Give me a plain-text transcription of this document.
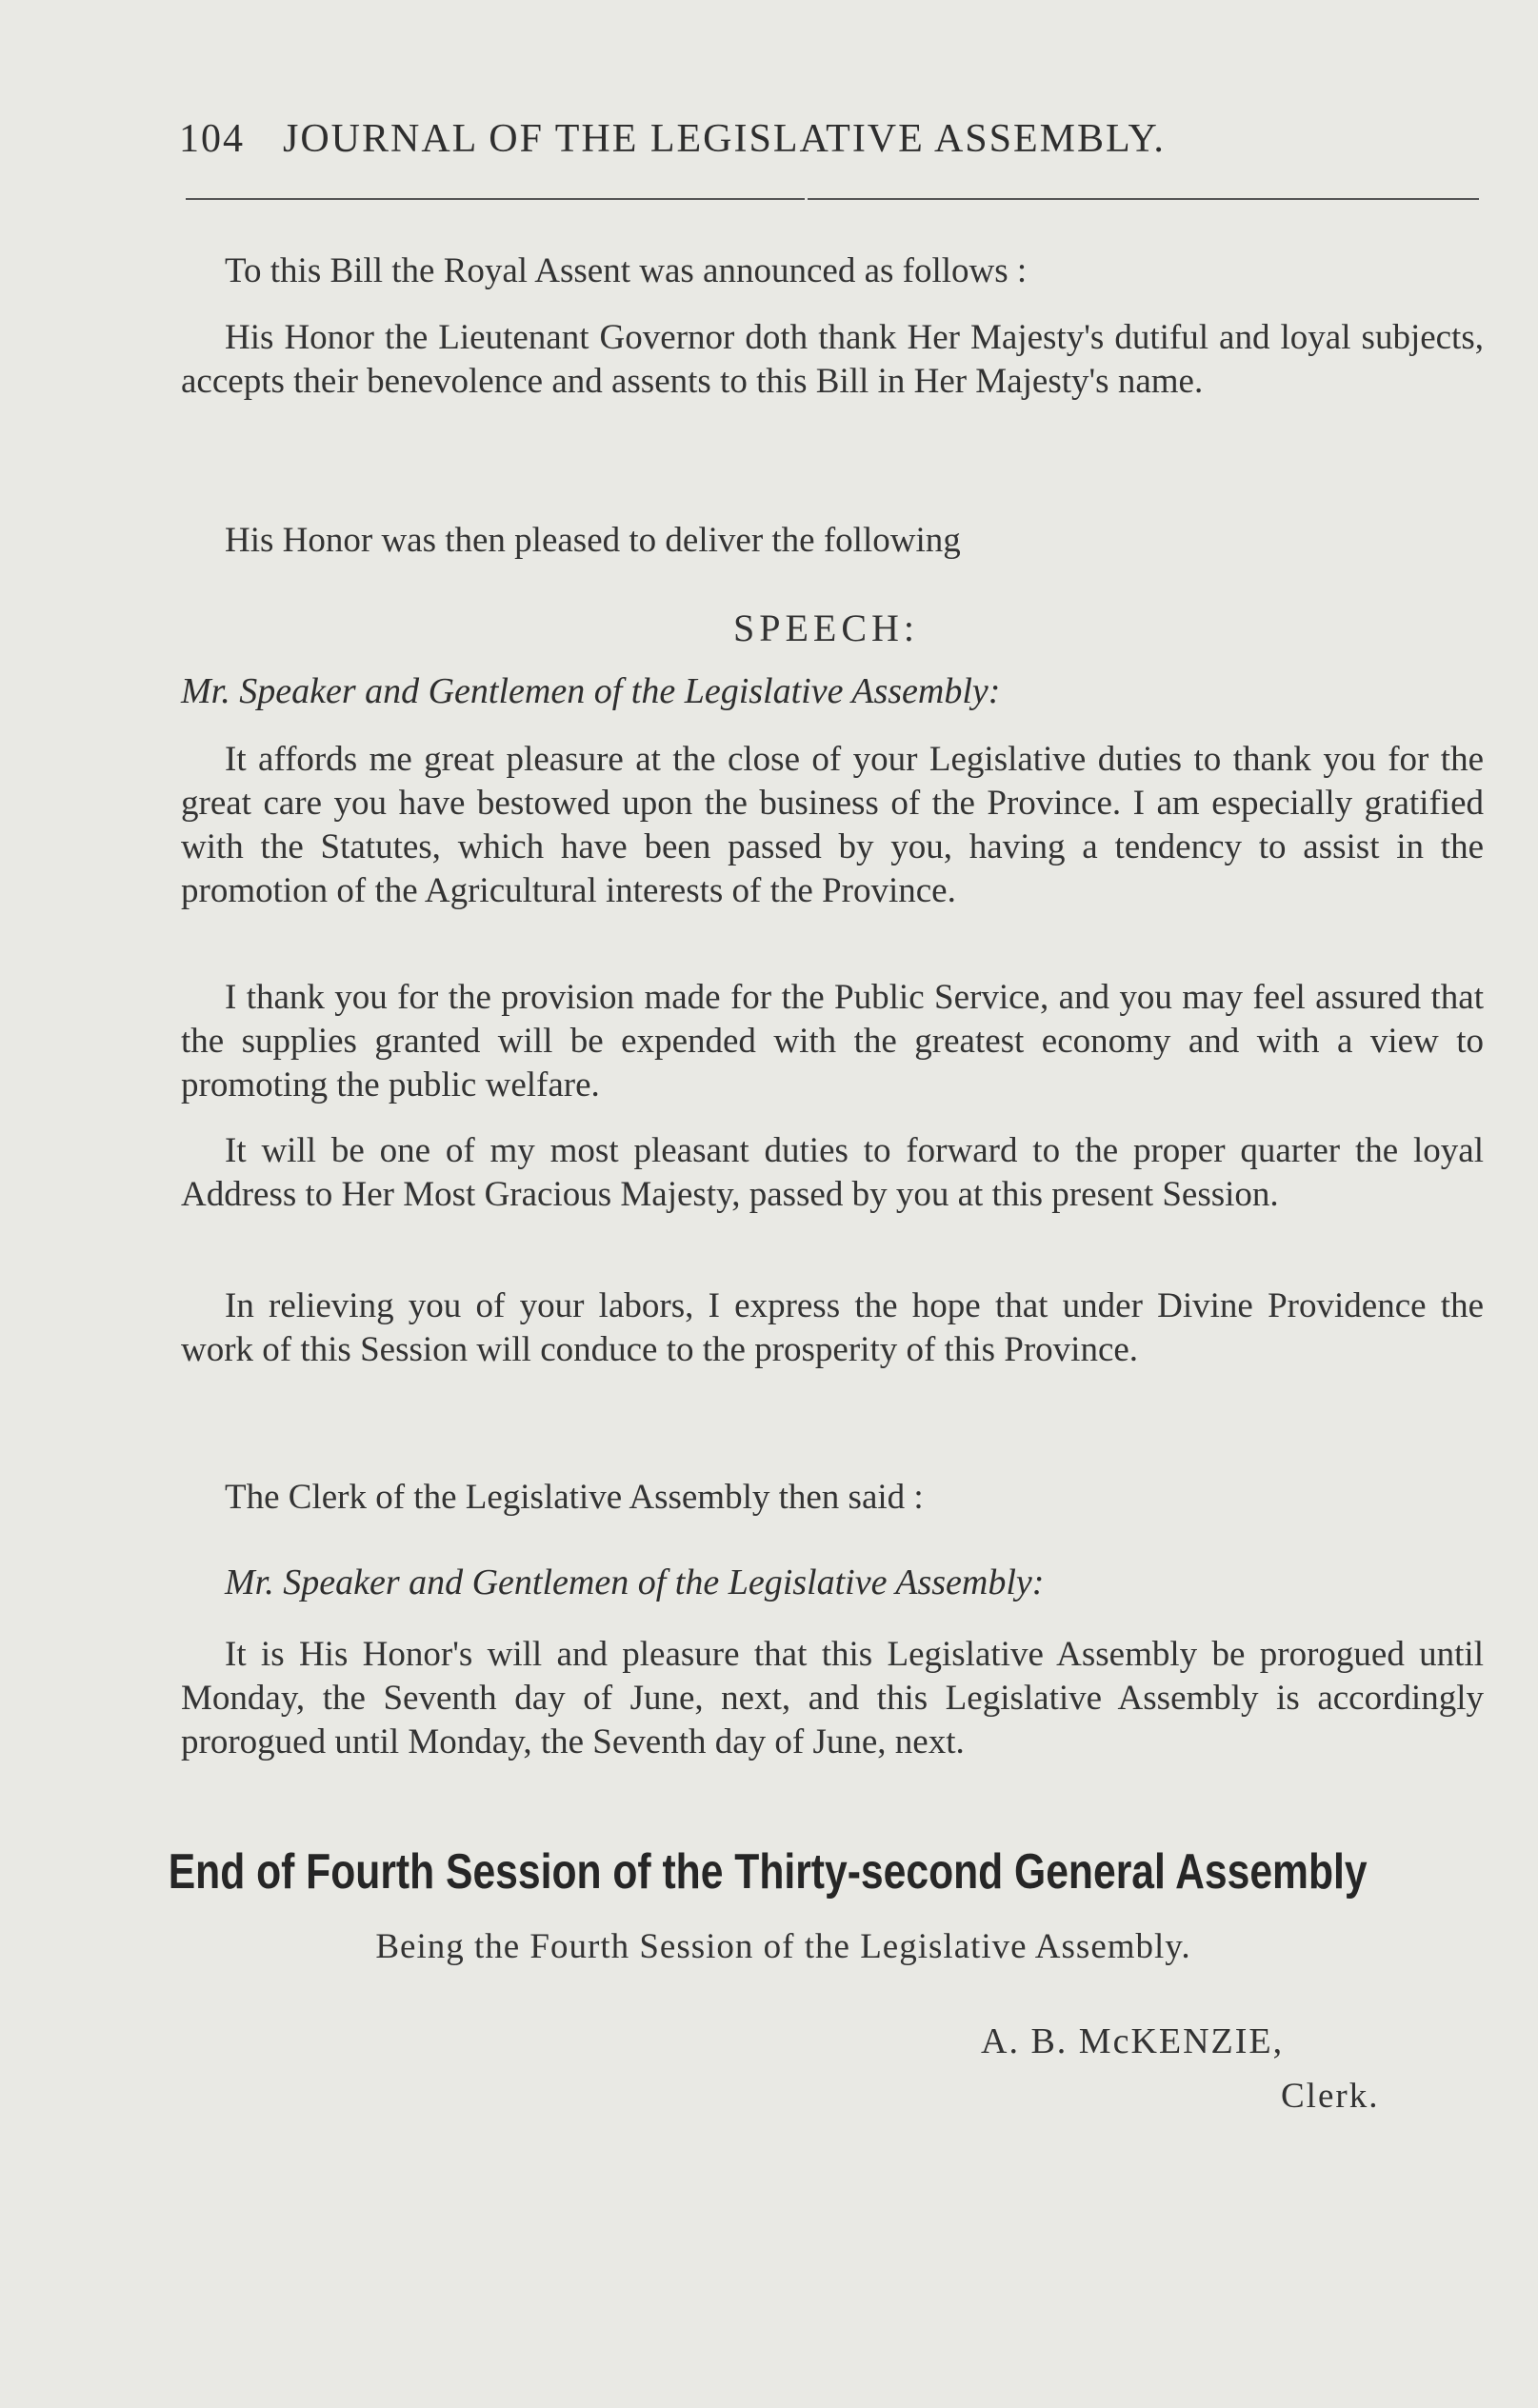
104 JOURNAL OF THE LEGISLATIVE ASSEMBLY.
To this Bill the Royal Assent was announced as follows :
His Honor the Lieutenant Governor doth thank Her Majesty's dutiful and loyal subjects, accepts their benevolence and assents to this Bill in Her Majesty's name.
His Honor was then pleased to deliver the following
SPEECH:
Mr. Speaker and Gentlemen of the Legislative Assembly:
It affords me great pleasure at the close of your Legislative duties to thank you for the great care you have bestowed upon the business of the Province. I am especially gratified with the Statutes, which have been passed by you, having a tendency to assist in the promotion of the Agricultural interests of the Province.
I thank you for the provision made for the Public Service, and you may feel assured that the supplies granted will be expended with the greatest economy and with a view to promoting the public welfare.
It will be one of my most pleasant duties to forward to the proper quarter the loyal Address to Her Most Gracious Majesty, passed by you at this present Session.
In relieving you of your labors, I express the hope that under Divine Providence the work of this Session will conduce to the prosperity of this Province.
The Clerk of the Legislative Assembly then said :
Mr. Speaker and Gentlemen of the Legislative Assembly:
It is His Honor's will and pleasure that this Legislative Assembly be prorogued until Monday, the Seventh day of June, next, and this Legislative Assembly is accordingly prorogued until Monday, the Seventh day of June, next.
End of Fourth Session of the Thirty-second General Assembly
Being the Fourth Session of the Legislative Assembly.
A. B. McKENZIE,
Clerk.
